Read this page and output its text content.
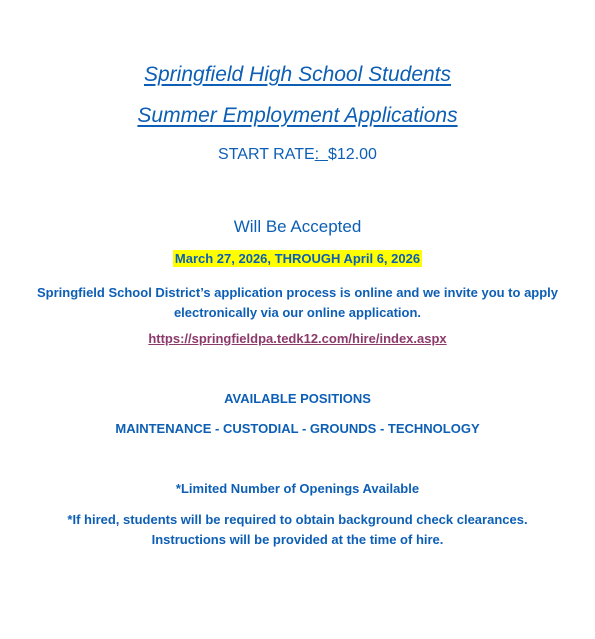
Springfield High School Students
Summer Employment Applications
START RATE: $12.00
Will Be Accepted
March 27, 2026, THROUGH April 6, 2026
Springfield School District’s application process is online and we invite you to apply
electronically via our online application.
https://springfieldpa.tedk12.com/hire/index.aspx
AVAILABLE POSITIONS
MAINTENANCE - CUSTODIAL - GROUNDS - TECHNOLOGY
*Limited Number of Openings Available
*If hired, students will be required to obtain background check clearances.
Instructions will be provided at the time of hire.
